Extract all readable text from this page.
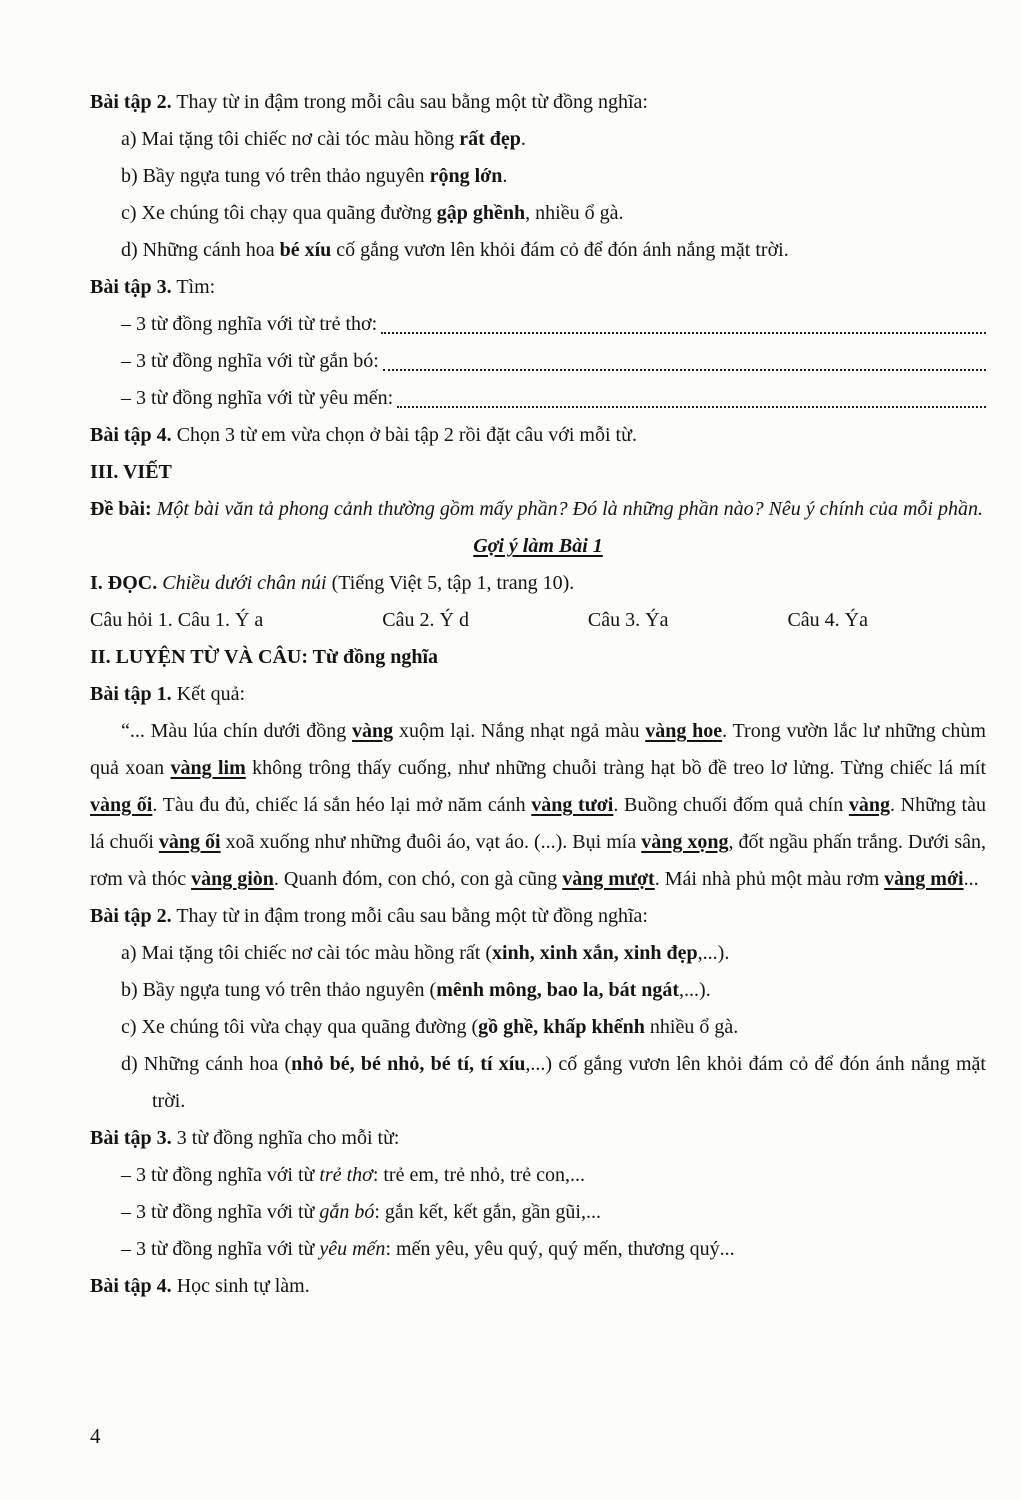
Bài tập 2. Thay từ in đậm trong mỗi câu sau bằng một từ đồng nghĩa:
a) Mai tặng tôi chiếc nơ cài tóc màu hồng rất đẹp.
b) Bầy ngựa tung vó trên thảo nguyên rộng lớn.
c) Xe chúng tôi chạy qua quãng đường gập ghềnh, nhiều ổ gà.
d) Những cánh hoa bé xíu cố gắng vươn lên khỏi đám cỏ để đón ánh nắng mặt trời.
Bài tập 3. Tìm:
– 3 từ đồng nghĩa với từ trẻ thơ:
– 3 từ đồng nghĩa với từ gắn bó:
– 3 từ đồng nghĩa với từ yêu mến:
Bài tập 4. Chọn 3 từ em vừa chọn ở bài tập 2 rồi đặt câu với mỗi từ.
III. VIẾT
Đề bài: Một bài văn tả phong cảnh thường gồm mấy phần? Đó là những phần nào? Nêu ý chính của mỗi phần.
Gợi ý làm Bài 1
I. ĐỌC. Chiều dưới chân núi (Tiếng Việt 5, tập 1, trang 10).
Câu hỏi 1. Câu 1. Ý a	Câu 2. Ý d	Câu 3. Ýa	Câu 4. Ýa
II. LUYỆN TỪ VÀ CÂU: Từ đồng nghĩa
Bài tập 1. Kết quả:
“... Màu lúa chín dưới đồng vàng xuộm lại. Nắng nhạt ngả màu vàng hoe. Trong vườn lắc lư những chùm quả xoan vàng lim không trông thấy cuống, như những chuỗi tràng hạt bồ đề treo lơ lửng. Từng chiếc lá mít vàng ối. Tàu đu đủ, chiếc lá sắn héo lại mở năm cánh vàng tươi. Buồng chuối đốm quả chín vàng. Những tàu lá chuối vàng ối xoã xuống như những đuôi áo, vạt áo. (...). Bụi mía vàng xọng, đốt ngầu phấn trắng. Dưới sân, rơm và thóc vàng giòn. Quanh đóm, con chó, con gà cũng vàng mượt. Mái nhà phủ một màu rơm vàng mới...
Bài tập 2. Thay từ in đậm trong mỗi câu sau bằng một từ đồng nghĩa:
a) Mai tặng tôi chiếc nơ cài tóc màu hồng rất (xinh, xinh xắn, xinh đẹp,...).
b) Bầy ngựa tung vó trên thảo nguyên (mênh mông, bao la, bát ngát,...).
c) Xe chúng tôi vừa chạy qua quãng đường (gồ ghề, khấp khểnh nhiều ổ gà.
d) Những cánh hoa (nhỏ bé, bé nhỏ, bé tí, tí xíu,...) cố gắng vươn lên khỏi đám cỏ để đón ánh nắng mặt trời.
Bài tập 3. 3 từ đồng nghĩa cho mỗi từ:
– 3 từ đồng nghĩa với từ trẻ thơ: trẻ em, trẻ nhỏ, trẻ con,...
– 3 từ đồng nghĩa với từ gắn bó: gắn kết, kết gắn, gần gũi,...
– 3 từ đồng nghĩa với từ yêu mến: mến yêu, yêu quý, quý mến, thương quý...
Bài tập 4. Học sinh tự làm.
4
